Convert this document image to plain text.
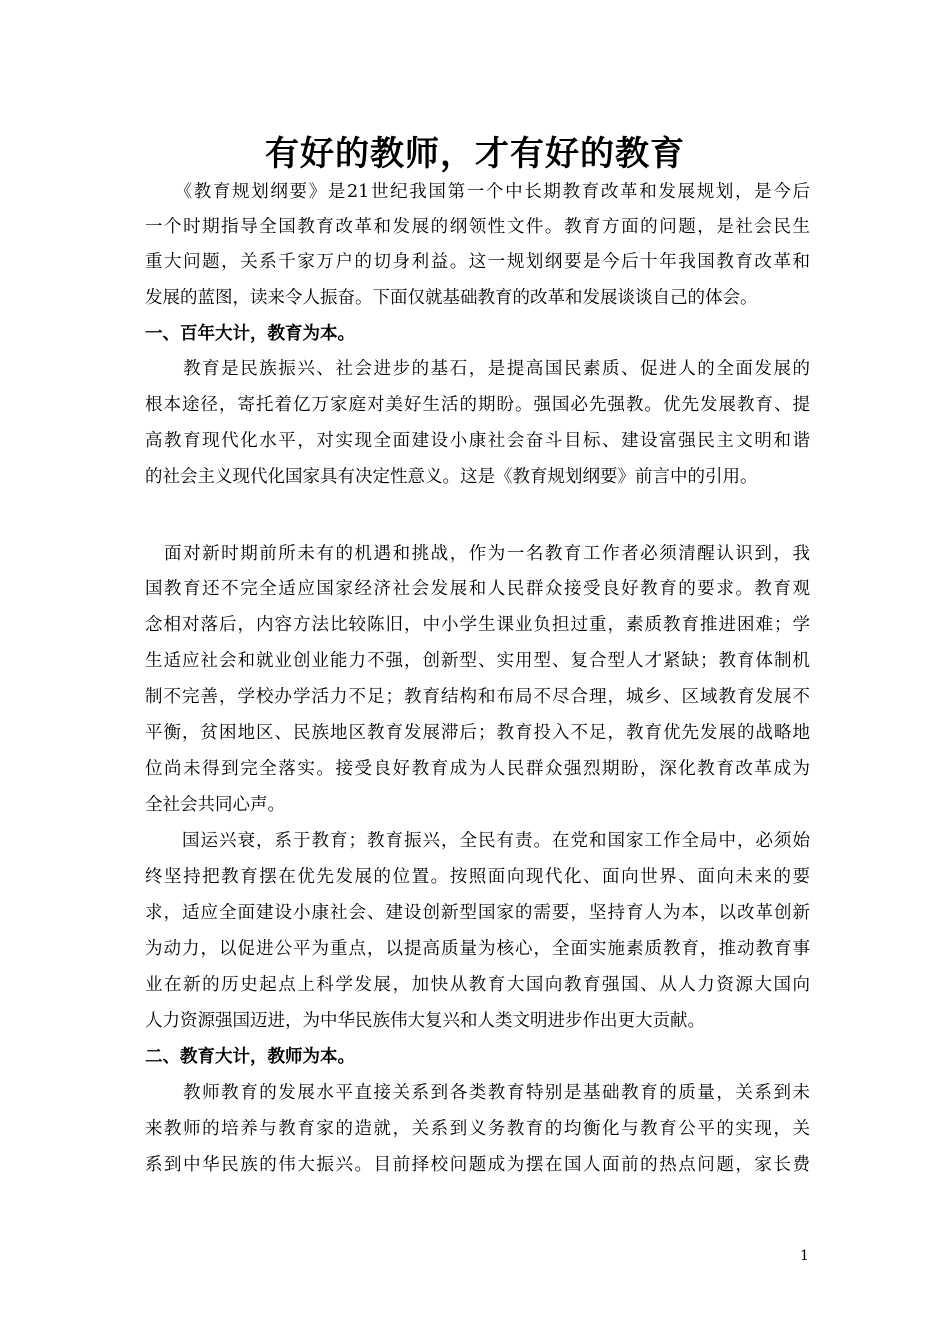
有好的教师，才有好的教育
　　《教育规划纲要》是21世纪我国第一个中长期教育改革和发展规划，是今后
一个时期指导全国教育改革和发展的纲领性文件。教育方面的问题，是社会民生
重大问题，关系千家万户的切身利益。这一规划纲要是今后十年我国教育改革和
发展的蓝图，读来令人振奋。下面仅就基础教育的改革和发展谈谈自己的体会。
一、百年大计，教育为本。
　　教育是民族振兴、社会进步的基石，是提高国民素质、促进人的全面发展的
根本途径，寄托着亿万家庭对美好生活的期盼。强国必先强教。优先发展教育、提
高教育现代化水平，对实现全面建设小康社会奋斗目标、建设富强民主文明和谐
的社会主义现代化国家具有决定性意义。这是《教育规划纲要》前言中的引用。
　面对新时期前所未有的机遇和挑战，作为一名教育工作者必须清醒认识到，我
国教育还不完全适应国家经济社会发展和人民群众接受良好教育的要求。教育观
念相对落后，内容方法比较陈旧，中小学生课业负担过重，素质教育推进困难；学
生适应社会和就业创业能力不强，创新型、实用型、复合型人才紧缺；教育体制机
制不完善，学校办学活力不足；教育结构和布局不尽合理，城乡、区域教育发展不
平衡，贫困地区、民族地区教育发展滞后；教育投入不足，教育优先发展的战略地
位尚未得到完全落实。接受良好教育成为人民群众强烈期盼，深化教育改革成为
全社会共同心声。
　　国运兴衰，系于教育；教育振兴，全民有责。在党和国家工作全局中，必须始
终坚持把教育摆在优先发展的位置。按照面向现代化、面向世界、面向未来的要
求，适应全面建设小康社会、建设创新型国家的需要，坚持育人为本，以改革创新
为动力，以促进公平为重点，以提高质量为核心，全面实施素质教育，推动教育事
业在新的历史起点上科学发展，加快从教育大国向教育强国、从人力资源大国向
人力资源强国迈进，为中华民族伟大复兴和人类文明进步作出更大贡献。
二、教育大计，教师为本。
　　教师教育的发展水平直接关系到各类教育特别是基础教育的质量，关系到未
来教师的培养与教育家的造就，关系到义务教育的均衡化与教育公平的实现，关
系到中华民族的伟大振兴。目前择校问题成为摆在国人面前的热点问题，家长费
1
